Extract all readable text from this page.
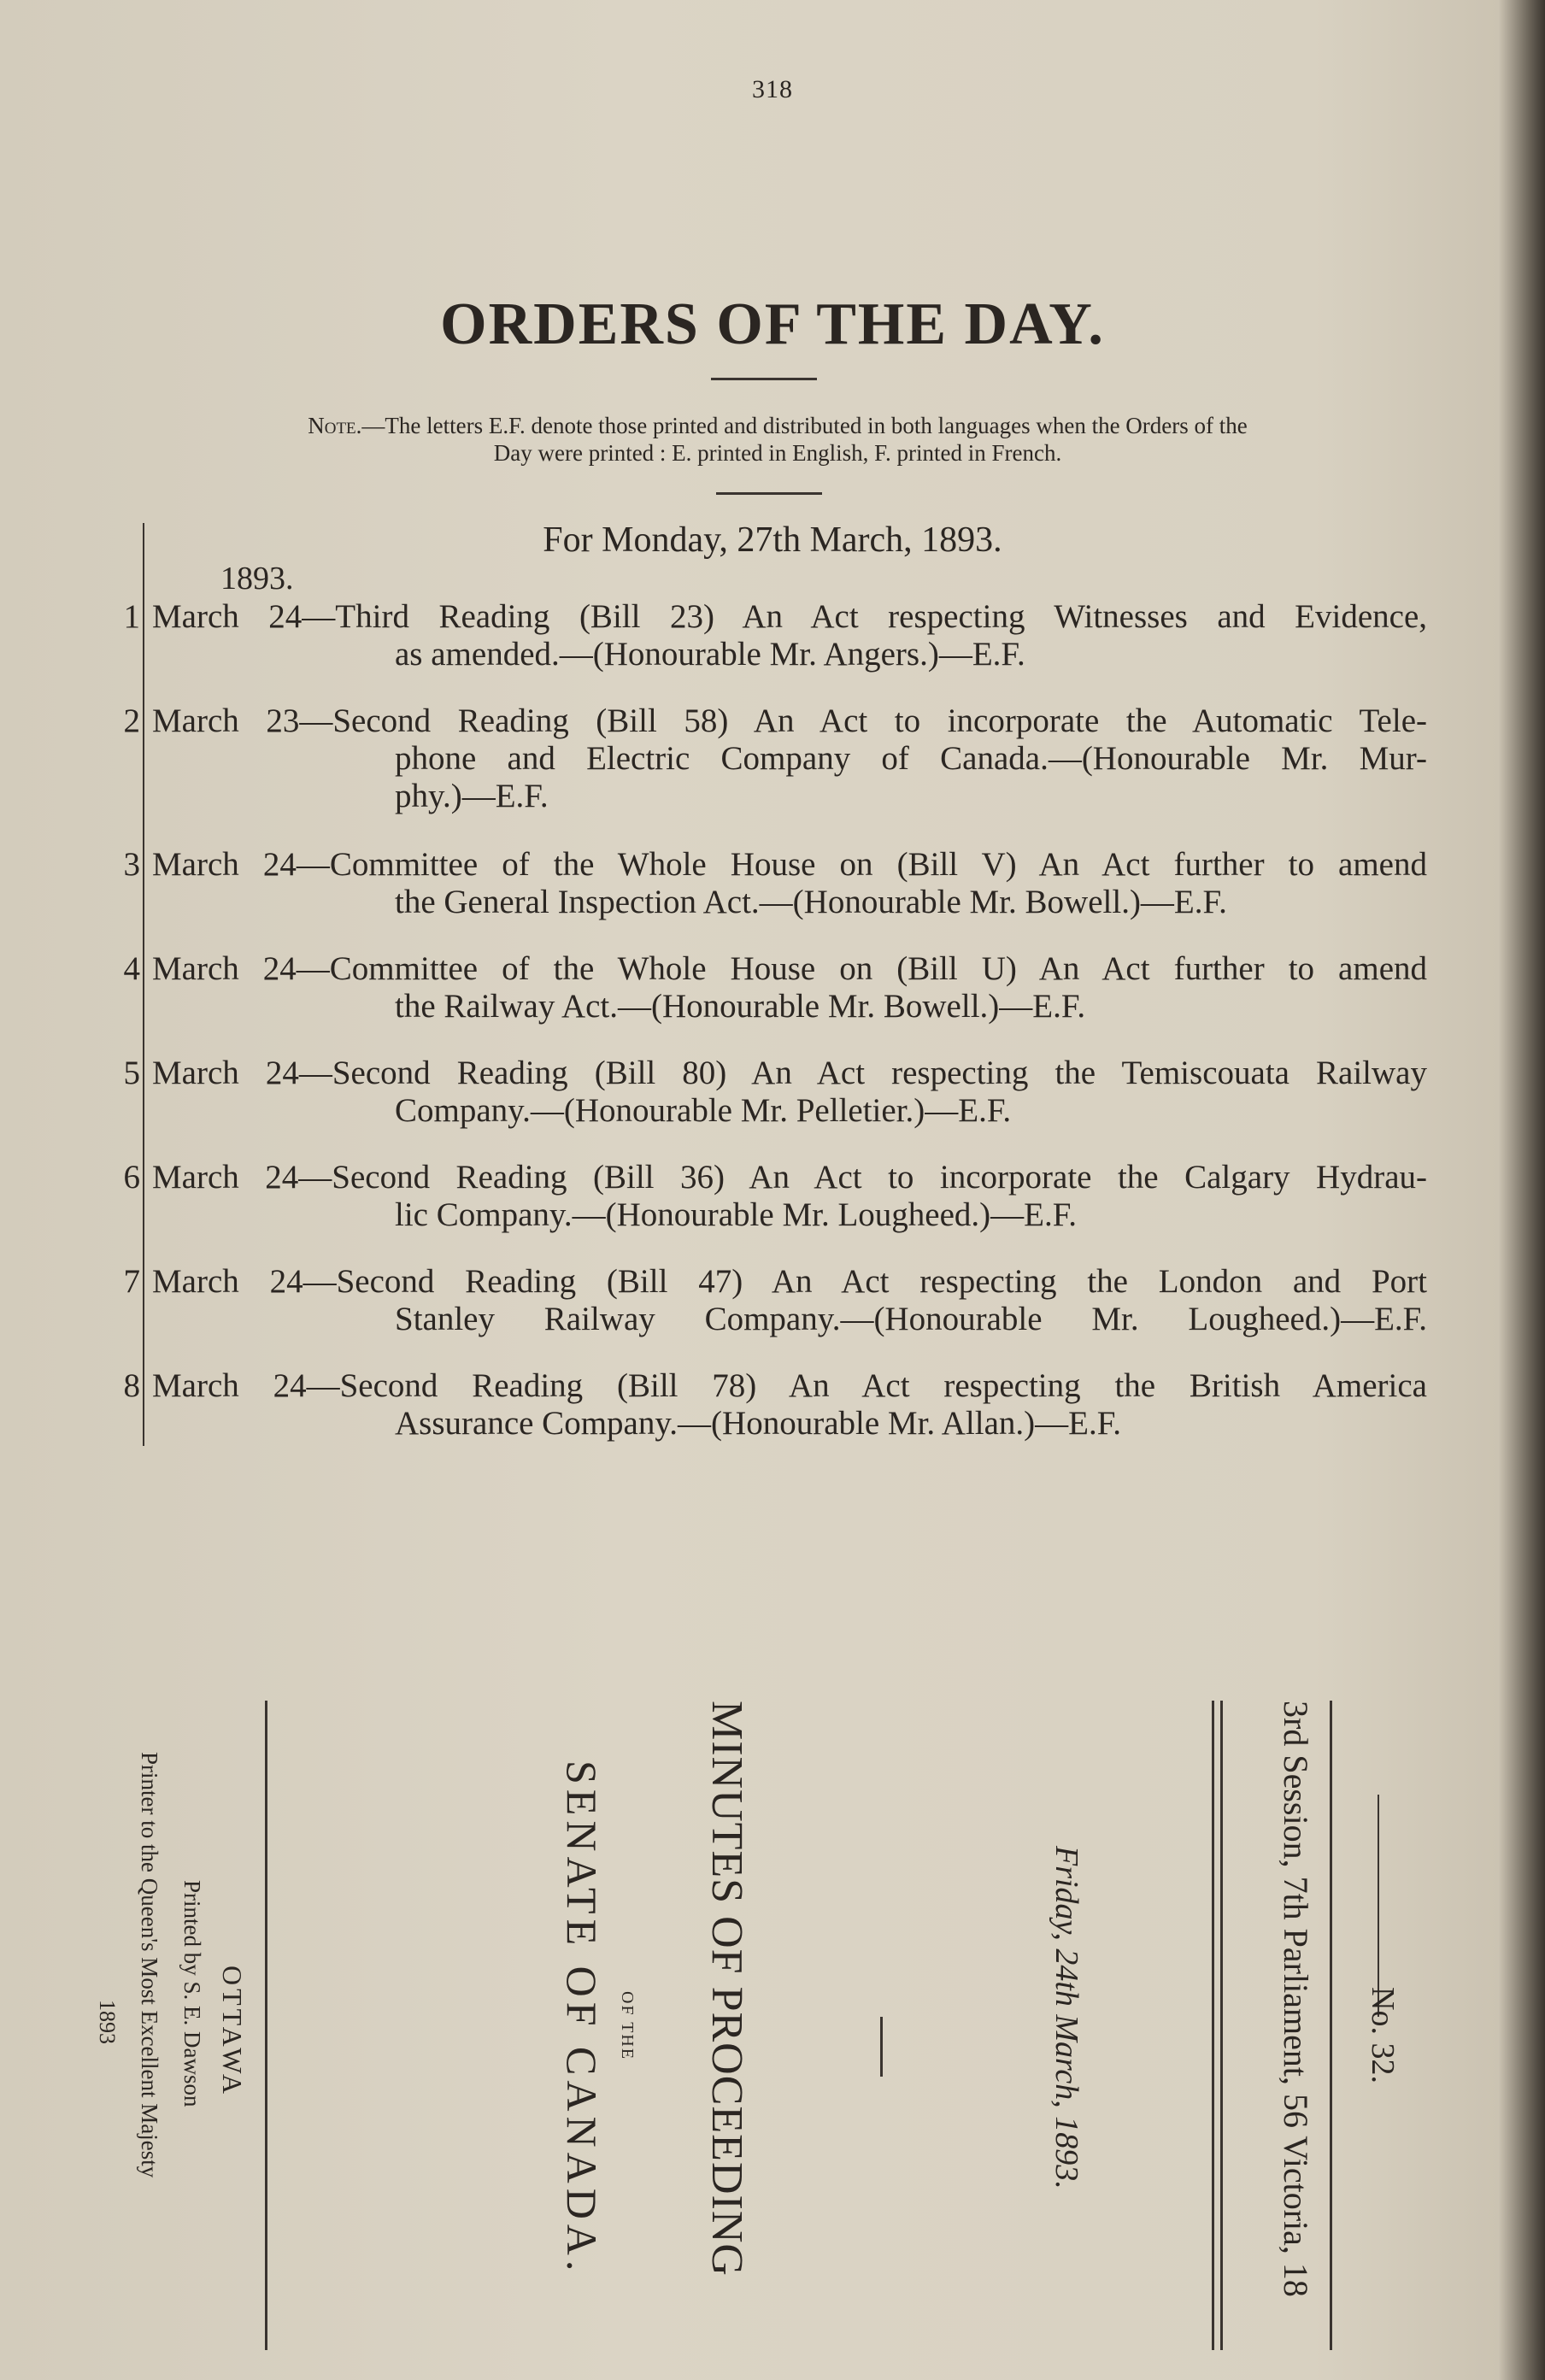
318
ORDERS OF THE DAY.
Note.—The letters E.F. denote those printed and distributed in both languages when the Orders of the
Day were printed : E. printed in English, F. printed in French.
For Monday, 27th March, 1893.
1893.
1 March 24—Third Reading (Bill 23) An Act respecting Witnesses and Evidence,
as amended.—(Honourable Mr. Angers.)—E.F.
2 March 23—Second Reading (Bill 58) An Act to incorporate the Automatic Tele-
phone and Electric Company of Canada.—(Honourable Mr. Mur-
phy.)—E.F.
3 March 24—Committee of the Whole House on (Bill V) An Act further to amend
the General Inspection Act.—(Honourable Mr. Bowell.)—E.F.
4 March 24—Committee of the Whole House on (Bill U) An Act further to amend
the Railway Act.—(Honourable Mr. Bowell.)—E.F.
5 March 24—Second Reading (Bill 80) An Act respecting the Temiscouata Railway
Company.—(Honourable Mr. Pelletier.)—E.F.
6 March 24—Second Reading (Bill 36) An Act to incorporate the Calgary Hydrau-
lic Company.—(Honourable Mr. Lougheed.)—E.F.
7 March 24—Second Reading (Bill 47) An Act respecting the London and Port
Stanley Railway Company.—(Honourable Mr. Lougheed.)—E.F.
8 March 24—Second Reading (Bill 78) An Act respecting the British America
Assurance Company.—(Honourable Mr. Allan.)—E.F.
3rd Session, 7th Parliament, 56 Victoria, 18 No. 32.
Friday, 24th March, 1893.
MINUTES OF PROCEEDING
OF THE
SENATE OF CANADA.
OTTAWA
Printed by S. E. Dawson
Printer to the Queen's Most Excellent Majesty
1893
